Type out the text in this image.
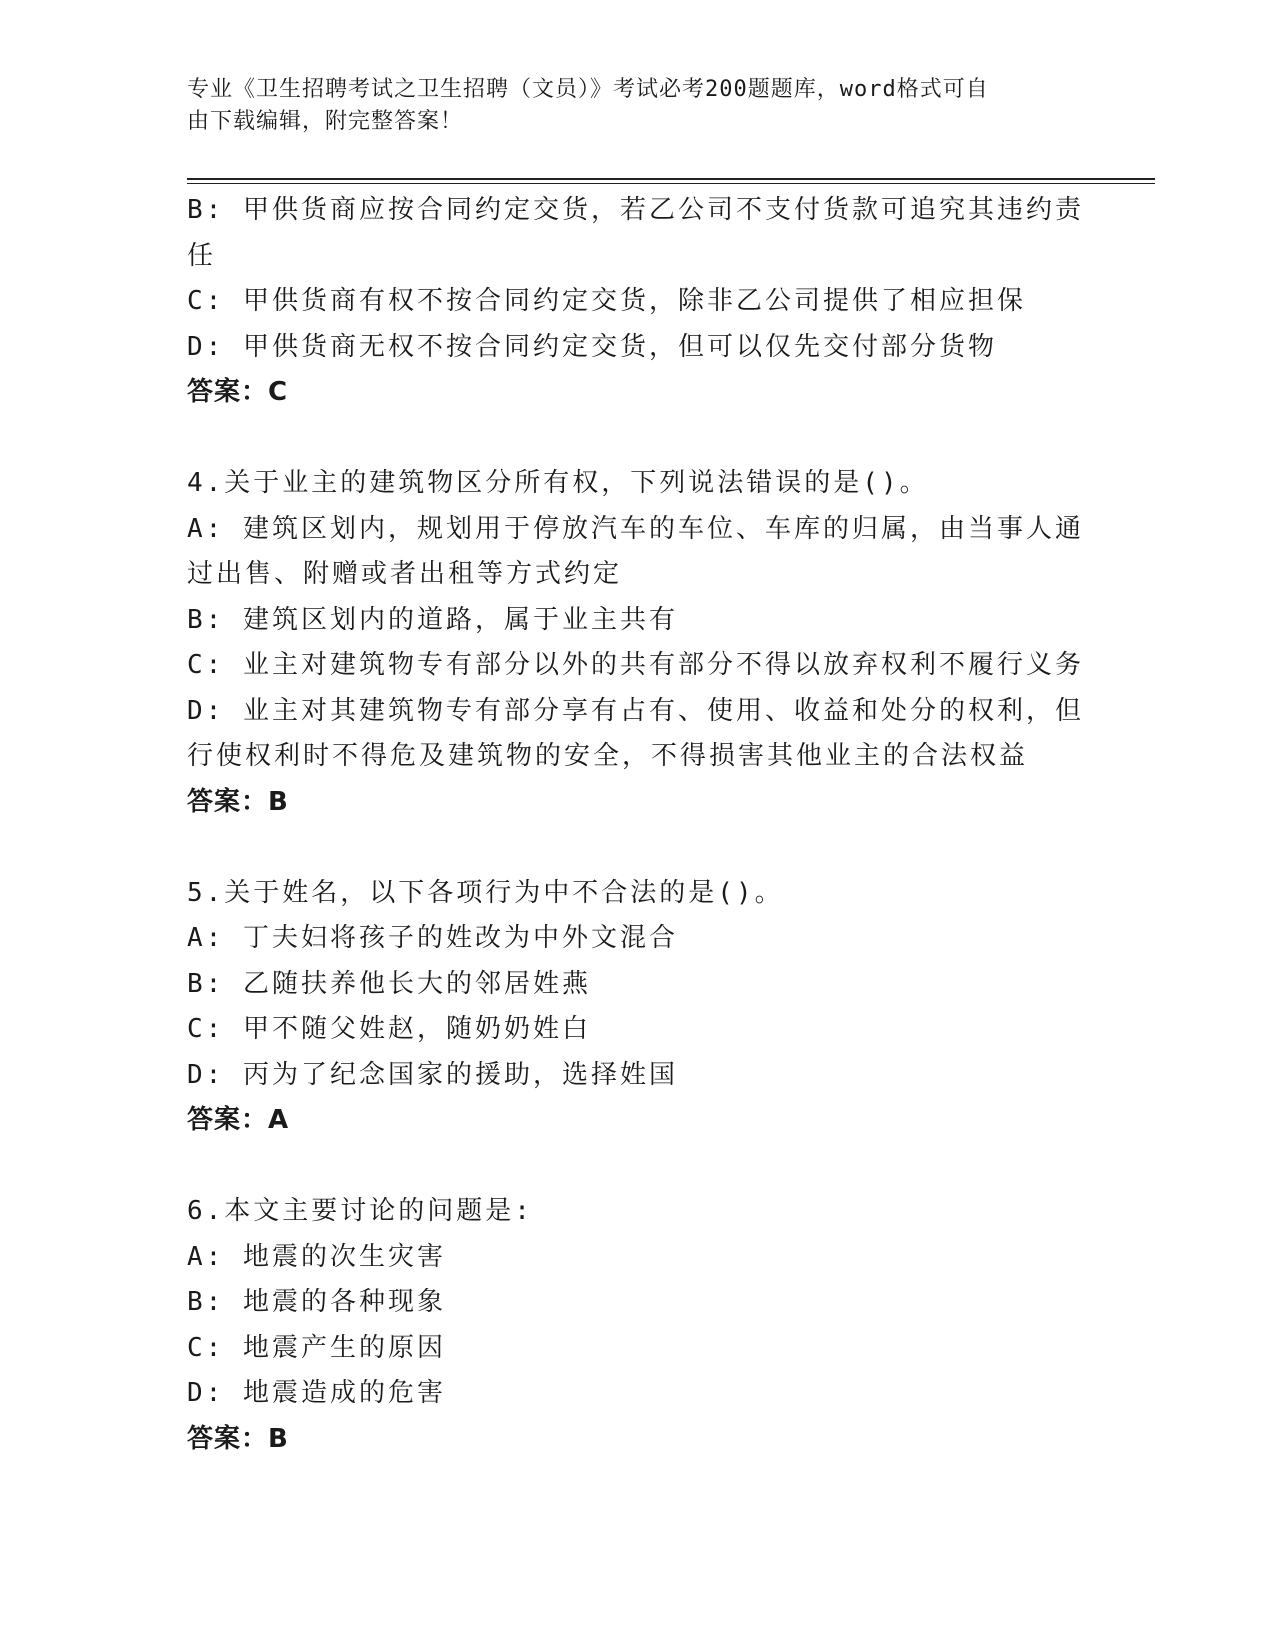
专业《卫生招聘考试之卫生招聘（文员）》考试必考200题题库，word格式可自
由下载编辑，附完整答案！
B: 甲供货商应按合同约定交货，若乙公司不支付货款可追究其违约责
任
C: 甲供货商有权不按合同约定交货，除非乙公司提供了相应担保
D: 甲供货商无权不按合同约定交货，但可以仅先交付部分货物
答案：C
4.关于业主的建筑物区分所有权，下列说法错误的是()。
A: 建筑区划内，规划用于停放汽车的车位、车库的归属，由当事人通
过出售、附赠或者出租等方式约定
B: 建筑区划内的道路，属于业主共有
C: 业主对建筑物专有部分以外的共有部分不得以放弃权利不履行义务
D: 业主对其建筑物专有部分享有占有、使用、收益和处分的权利，但
行使权利时不得危及建筑物的安全，不得损害其他业主的合法权益
答案：B
5.关于姓名，以下各项行为中不合法的是()。
A: 丁夫妇将孩子的姓改为中外文混合
B: 乙随扶养他长大的邻居姓燕
C: 甲不随父姓赵，随奶奶姓白
D: 丙为了纪念国家的援助，选择姓国
答案：A
6.本文主要讨论的问题是:
A: 地震的次生灾害
B: 地震的各种现象
C: 地震产生的原因
D: 地震造成的危害
答案：B
